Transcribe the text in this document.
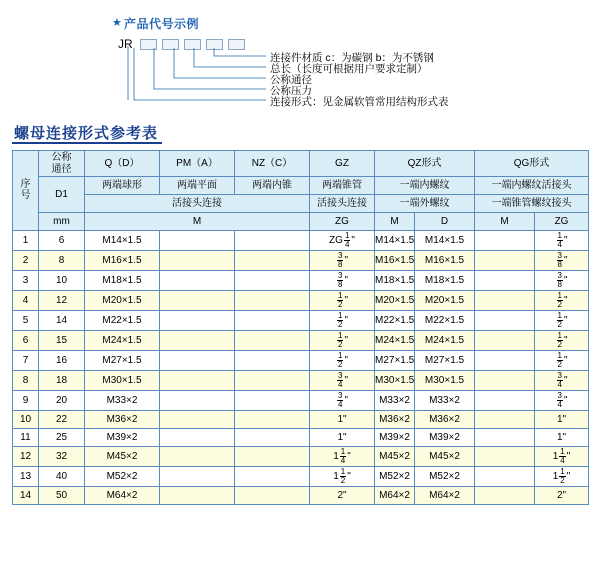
★ 产品代号示例
JR
连接件材质 c：为碳钢 b：为不锈钢
总长（长度可根据用户要求定制）
公称通径
公称压力
连接形式：见金属软管常用结构形式表
螺母连接形式参考表
序
号	公称
通径	Q（D）	PM（A）	NZ（C）	GZ	QZ形式		QG形式	
	D1	两端球形	两端平面	两端内锥	两端锥管	一端内螺纹		一端内螺纹活接头	
		活接头连接			活接头连接	一端外螺纹		一端锥管螺纹接头	
	mm	M			ZG	M	D	M	ZG
1	6	M14×1.5			ZG $\frac{1}{4}$ "	M14×1.5	M14×1.5		$\frac{1}{4}$ "
2	8	M16×1.5			$\frac{3}{8}$ "	M16×1.5	M16×1.5		$\frac{3}{8}$ "
3	10	M18×1.5			$\frac{3}{8}$ "	M18×1.5	M18×1.5		$\frac{3}{8}$ "
4	12	M20×1.5			$\frac{1}{2}$ "	M20×1.5	M20×1.5		$\frac{1}{2}$ "
5	14	M22×1.5			$\frac{1}{2}$ "	M22×1.5	M22×1.5		$\frac{1}{2}$ "
6	15	M24×1.5			$\frac{1}{2}$ "	M24×1.5	M24×1.5		$\frac{1}{2}$ "
7	16	M27×1.5			$\frac{1}{2}$ "	M27×1.5	M27×1.5		$\frac{1}{2}$ "
8	18	M30×1.5			$\frac{3}{4}$ "	M30×1.5	M30×1.5		$\frac{3}{4}$ "
9	20	M33×2			$\frac{3}{4}$ "	M33×2	M33×2		$\frac{3}{4}$ "
10	22	M36×2			1"	M36×2	M36×2		1"
11	25	M39×2			1"	M39×2	M39×2		1"
12	32	M45×2			$1 \frac{1}{4}$ "	M45×2	M45×2		$1 \frac{1}{4}$ "
13	40	M52×2			$1 \frac{1}{2}$ "	M52×2	M52×2		$1 \frac{1}{2}$ "
14	50	M64×2			2"	M64×2	M64×2		2"
